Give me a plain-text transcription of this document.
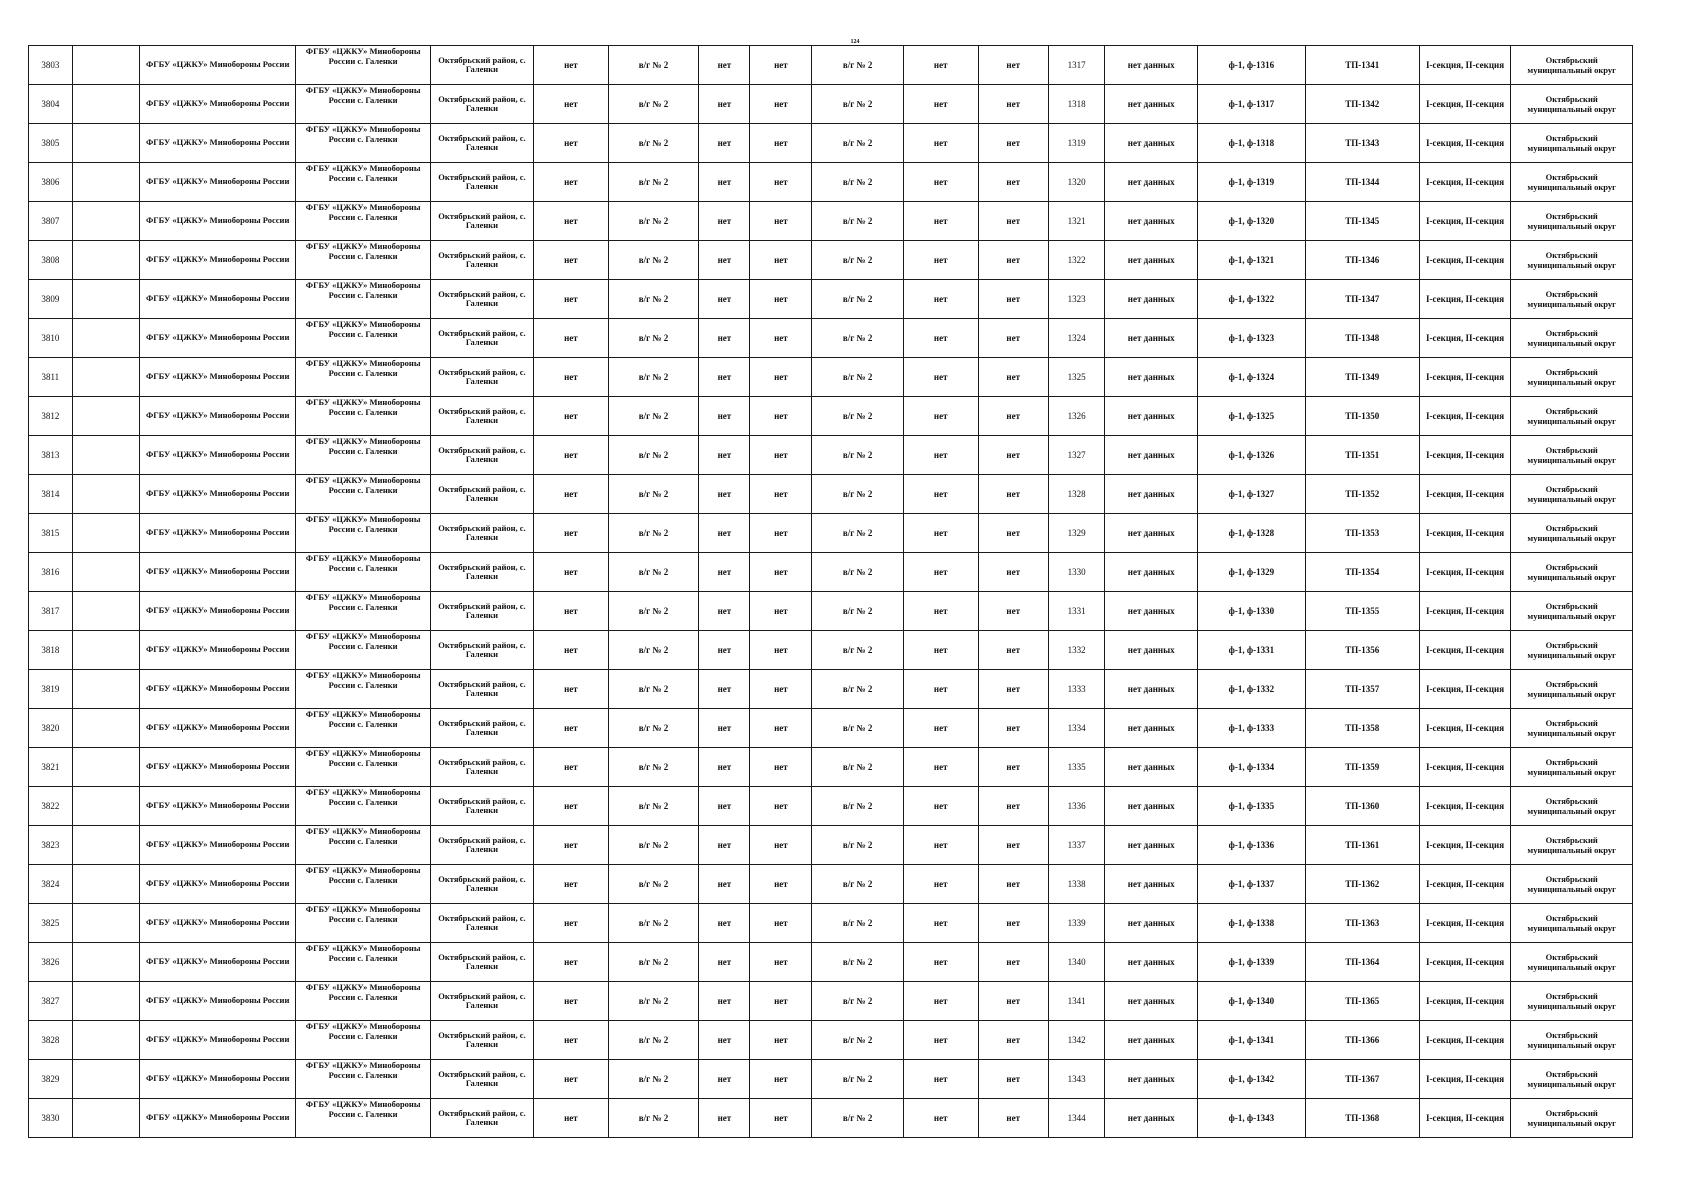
124
3803		ФГБУ «ЦЖКУ» Минобороны России	ФГБУ «ЦЖКУ» Минобороны России с. Галенки	Октябрьский район, с. Галенки	нет	в/г № 2	нет	нет	в/г № 2	нет	нет	1317	нет данных	ф-1, ф-1316	ТП-1341	I-секция, II-секция	Октябрьский муниципальный округ
3804		ФГБУ «ЦЖКУ» Минобороны России	ФГБУ «ЦЖКУ» Минобороны России с. Галенки	Октябрьский район, с. Галенки	нет	в/г № 2	нет	нет	в/г № 2	нет	нет	1318	нет данных	ф-1, ф-1317	ТП-1342	I-секция, II-секция	Октябрьский муниципальный округ
3805		ФГБУ «ЦЖКУ» Минобороны России	ФГБУ «ЦЖКУ» Минобороны России с. Галенки	Октябрьский район, с. Галенки	нет	в/г № 2	нет	нет	в/г № 2	нет	нет	1319	нет данных	ф-1, ф-1318	ТП-1343	I-секция, II-секция	Октябрьский муниципальный округ
3806		ФГБУ «ЦЖКУ» Минобороны России	ФГБУ «ЦЖКУ» Минобороны России с. Галенки	Октябрьский район, с. Галенки	нет	в/г № 2	нет	нет	в/г № 2	нет	нет	1320	нет данных	ф-1, ф-1319	ТП-1344	I-секция, II-секция	Октябрьский муниципальный округ
3807		ФГБУ «ЦЖКУ» Минобороны России	ФГБУ «ЦЖКУ» Минобороны России с. Галенки	Октябрьский район, с. Галенки	нет	в/г № 2	нет	нет	в/г № 2	нет	нет	1321	нет данных	ф-1, ф-1320	ТП-1345	I-секция, II-секция	Октябрьский муниципальный округ
3808		ФГБУ «ЦЖКУ» Минобороны России	ФГБУ «ЦЖКУ» Минобороны России с. Галенки	Октябрьский район, с. Галенки	нет	в/г № 2	нет	нет	в/г № 2	нет	нет	1322	нет данных	ф-1, ф-1321	ТП-1346	I-секция, II-секция	Октябрьский муниципальный округ
3809		ФГБУ «ЦЖКУ» Минобороны России	ФГБУ «ЦЖКУ» Минобороны России с. Галенки	Октябрьский район, с. Галенки	нет	в/г № 2	нет	нет	в/г № 2	нет	нет	1323	нет данных	ф-1, ф-1322	ТП-1347	I-секция, II-секция	Октябрьский муниципальный округ
3810		ФГБУ «ЦЖКУ» Минобороны России	ФГБУ «ЦЖКУ» Минобороны России с. Галенки	Октябрьский район, с. Галенки	нет	в/г № 2	нет	нет	в/г № 2	нет	нет	1324	нет данных	ф-1, ф-1323	ТП-1348	I-секция, II-секция	Октябрьский муниципальный округ
3811		ФГБУ «ЦЖКУ» Минобороны России	ФГБУ «ЦЖКУ» Минобороны России с. Галенки	Октябрьский район, с. Галенки	нет	в/г № 2	нет	нет	в/г № 2	нет	нет	1325	нет данных	ф-1, ф-1324	ТП-1349	I-секция, II-секция	Октябрьский муниципальный округ
3812		ФГБУ «ЦЖКУ» Минобороны России	ФГБУ «ЦЖКУ» Минобороны России с. Галенки	Октябрьский район, с. Галенки	нет	в/г № 2	нет	нет	в/г № 2	нет	нет	1326	нет данных	ф-1, ф-1325	ТП-1350	I-секция, II-секция	Октябрьский муниципальный округ
3813		ФГБУ «ЦЖКУ» Минобороны России	ФГБУ «ЦЖКУ» Минобороны России с. Галенки	Октябрьский район, с. Галенки	нет	в/г № 2	нет	нет	в/г № 2	нет	нет	1327	нет данных	ф-1, ф-1326	ТП-1351	I-секция, II-секция	Октябрьский муниципальный округ
3814		ФГБУ «ЦЖКУ» Минобороны России	ФГБУ «ЦЖКУ» Минобороны России с. Галенки	Октябрьский район, с. Галенки	нет	в/г № 2	нет	нет	в/г № 2	нет	нет	1328	нет данных	ф-1, ф-1327	ТП-1352	I-секция, II-секция	Октябрьский муниципальный округ
3815		ФГБУ «ЦЖКУ» Минобороны России	ФГБУ «ЦЖКУ» Минобороны России с. Галенки	Октябрьский район, с. Галенки	нет	в/г № 2	нет	нет	в/г № 2	нет	нет	1329	нет данных	ф-1, ф-1328	ТП-1353	I-секция, II-секция	Октябрьский муниципальный округ
3816		ФГБУ «ЦЖКУ» Минобороны России	ФГБУ «ЦЖКУ» Минобороны России с. Галенки	Октябрьский район, с. Галенки	нет	в/г № 2	нет	нет	в/г № 2	нет	нет	1330	нет данных	ф-1, ф-1329	ТП-1354	I-секция, II-секция	Октябрьский муниципальный округ
3817		ФГБУ «ЦЖКУ» Минобороны России	ФГБУ «ЦЖКУ» Минобороны России с. Галенки	Октябрьский район, с. Галенки	нет	в/г № 2	нет	нет	в/г № 2	нет	нет	1331	нет данных	ф-1, ф-1330	ТП-1355	I-секция, II-секция	Октябрьский муниципальный округ
3818		ФГБУ «ЦЖКУ» Минобороны России	ФГБУ «ЦЖКУ» Минобороны России с. Галенки	Октябрьский район, с. Галенки	нет	в/г № 2	нет	нет	в/г № 2	нет	нет	1332	нет данных	ф-1, ф-1331	ТП-1356	I-секция, II-секция	Октябрьский муниципальный округ
3819		ФГБУ «ЦЖКУ» Минобороны России	ФГБУ «ЦЖКУ» Минобороны России с. Галенки	Октябрьский район, с. Галенки	нет	в/г № 2	нет	нет	в/г № 2	нет	нет	1333	нет данных	ф-1, ф-1332	ТП-1357	I-секция, II-секция	Октябрьский муниципальный округ
3820		ФГБУ «ЦЖКУ» Минобороны России	ФГБУ «ЦЖКУ» Минобороны России с. Галенки	Октябрьский район, с. Галенки	нет	в/г № 2	нет	нет	в/г № 2	нет	нет	1334	нет данных	ф-1, ф-1333	ТП-1358	I-секция, II-секция	Октябрьский муниципальный округ
3821		ФГБУ «ЦЖКУ» Минобороны России	ФГБУ «ЦЖКУ» Минобороны России с. Галенки	Октябрьский район, с. Галенки	нет	в/г № 2	нет	нет	в/г № 2	нет	нет	1335	нет данных	ф-1, ф-1334	ТП-1359	I-секция, II-секция	Октябрьский муниципальный округ
3822		ФГБУ «ЦЖКУ» Минобороны России	ФГБУ «ЦЖКУ» Минобороны России с. Галенки	Октябрьский район, с. Галенки	нет	в/г № 2	нет	нет	в/г № 2	нет	нет	1336	нет данных	ф-1, ф-1335	ТП-1360	I-секция, II-секция	Октябрьский муниципальный округ
3823		ФГБУ «ЦЖКУ» Минобороны России	ФГБУ «ЦЖКУ» Минобороны России с. Галенки	Октябрьский район, с. Галенки	нет	в/г № 2	нет	нет	в/г № 2	нет	нет	1337	нет данных	ф-1, ф-1336	ТП-1361	I-секция, II-секция	Октябрьский муниципальный округ
3824		ФГБУ «ЦЖКУ» Минобороны России	ФГБУ «ЦЖКУ» Минобороны России с. Галенки	Октябрьский район, с. Галенки	нет	в/г № 2	нет	нет	в/г № 2	нет	нет	1338	нет данных	ф-1, ф-1337	ТП-1362	I-секция, II-секция	Октябрьский муниципальный округ
3825		ФГБУ «ЦЖКУ» Минобороны России	ФГБУ «ЦЖКУ» Минобороны России с. Галенки	Октябрьский район, с. Галенки	нет	в/г № 2	нет	нет	в/г № 2	нет	нет	1339	нет данных	ф-1, ф-1338	ТП-1363	I-секция, II-секция	Октябрьский муниципальный округ
3826		ФГБУ «ЦЖКУ» Минобороны России	ФГБУ «ЦЖКУ» Минобороны России с. Галенки	Октябрьский район, с. Галенки	нет	в/г № 2	нет	нет	в/г № 2	нет	нет	1340	нет данных	ф-1, ф-1339	ТП-1364	I-секция, II-секция	Октябрьский муниципальный округ
3827		ФГБУ «ЦЖКУ» Минобороны России	ФГБУ «ЦЖКУ» Минобороны России с. Галенки	Октябрьский район, с. Галенки	нет	в/г № 2	нет	нет	в/г № 2	нет	нет	1341	нет данных	ф-1, ф-1340	ТП-1365	I-секция, II-секция	Октябрьский муниципальный округ
3828		ФГБУ «ЦЖКУ» Минобороны России	ФГБУ «ЦЖКУ» Минобороны России с. Галенки	Октябрьский район, с. Галенки	нет	в/г № 2	нет	нет	в/г № 2	нет	нет	1342	нет данных	ф-1, ф-1341	ТП-1366	I-секция, II-секция	Октябрьский муниципальный округ
3829		ФГБУ «ЦЖКУ» Минобороны России	ФГБУ «ЦЖКУ» Минобороны России с. Галенки	Октябрьский район, с. Галенки	нет	в/г № 2	нет	нет	в/г № 2	нет	нет	1343	нет данных	ф-1, ф-1342	ТП-1367	I-секция, II-секция	Октябрьский муниципальный округ
3830		ФГБУ «ЦЖКУ» Минобороны России	ФГБУ «ЦЖКУ» Минобороны России с. Галенки	Октябрьский район, с. Галенки	нет	в/г № 2	нет	нет	в/г № 2	нет	нет	1344	нет данных	ф-1, ф-1343	ТП-1368	I-секция, II-секция	Октябрьский муниципальный округ
